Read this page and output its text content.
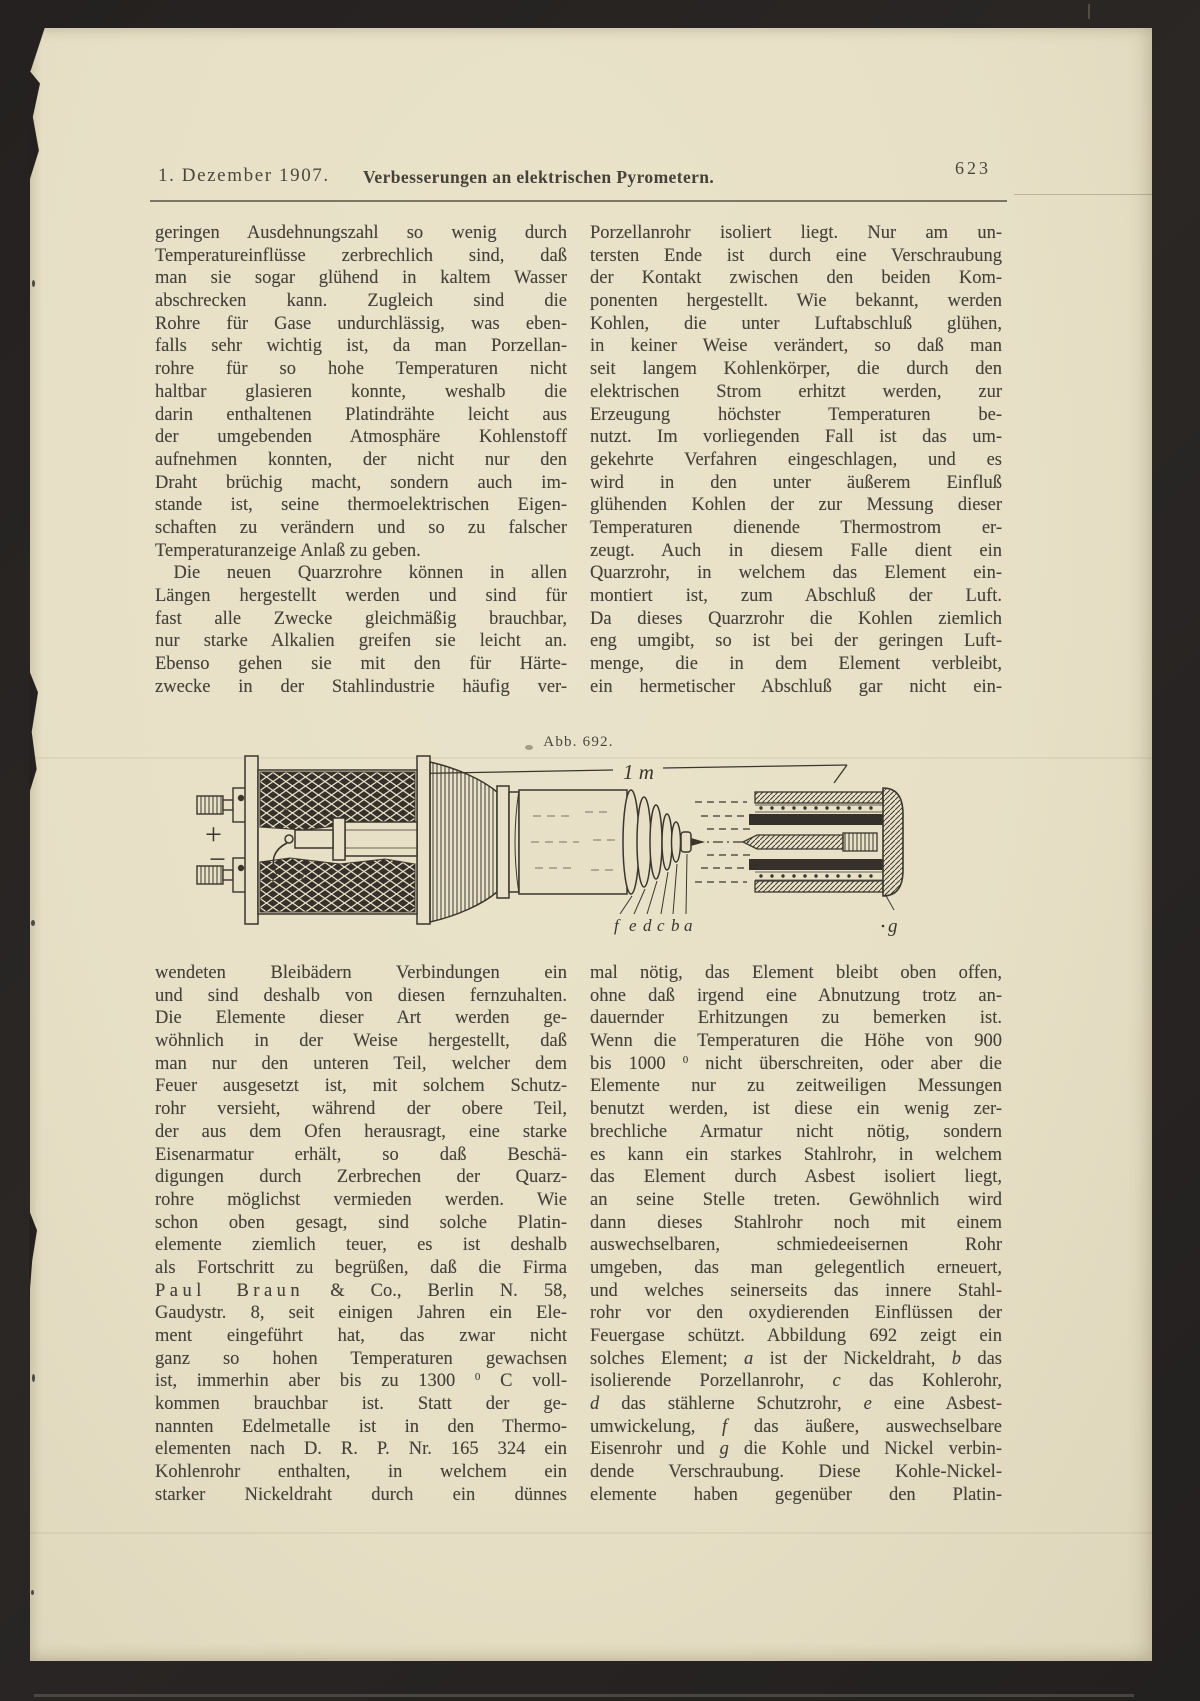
1. Dezember 1907. Verbesserungen an elektrischen Pyrometern.	623
geringen Ausdehnungszahl so wenig durch
Temperatureinflüsse zerbrechlich sind, daß
man sie sogar glühend in kaltem Wasser
abschrecken kann. Zugleich sind die
Rohre für Gase undurchlässig, was eben-
falls sehr wichtig ist, da man Porzellan-
rohre für so hohe Temperaturen nicht
haltbar glasieren konnte, weshalb die
darin enthaltenen Platindrähte leicht aus
der umgebenden Atmosphäre Kohlenstoff
aufnehmen konnten, der nicht nur den
Draht brüchig macht, sondern auch im-
stande ist, seine thermoelektrischen Eigen-
schaften zu verändern und so zu falscher
Temperaturanzeige Anlaß zu geben.
 Die neuen Quarzrohre können in allen
Längen hergestellt werden und sind für
fast alle Zwecke gleichmäßig brauchbar,
nur starke Alkalien greifen sie leicht an.
Ebenso gehen sie mit den für Härte-
zwecke in der Stahlindustrie häufig ver-
Porzellanrohr isoliert liegt. Nur am un-
tersten Ende ist durch eine Verschraubung
der Kontakt zwischen den beiden Kom-
ponenten hergestellt. Wie bekannt, werden
Kohlen, die unter Luftabschluß glühen,
in keiner Weise verändert, so daß man
seit langem Kohlenkörper, die durch den
elektrischen Strom erhitzt werden, zur
Erzeugung höchster Temperaturen be-
nutzt. Im vorliegenden Fall ist das um-
gekehrte Verfahren eingeschlagen, und es
wird in den unter äußerem Einfluß
glühenden Kohlen der zur Messung dieser
Temperaturen dienende Thermostrom er-
zeugt. Auch in diesem Falle dient ein
Quarzrohr, in welchem das Element ein-
montiert ist, zum Abschluß der Luft.
Da dieses Quarzrohr die Kohlen ziemlich
eng umgibt, so ist bei der geringen Luft-
menge, die in dem Element verbleibt,
ein hermetischer Abschluß gar nicht ein-
Abb. 692.
1 m
+
−
a
f c
f e d c b a	g
wendeten Bleibädern Verbindungen ein
und sind deshalb von diesen fernzuhalten.
Die Elemente dieser Art werden ge-
wöhnlich in der Weise hergestellt, daß
man nur den unteren Teil, welcher dem
Feuer ausgesetzt ist, mit solchem Schutz-
rohr versieht, während der obere Teil,
der aus dem Ofen herausragt, eine starke
Eisenarmatur erhält, so daß Beschä-
digungen durch Zerbrechen der Quarz-
rohre möglichst vermieden werden. Wie
schon oben gesagt, sind solche Platin-
elemente ziemlich teuer, es ist deshalb
als Fortschritt zu begrüßen, daß die Firma
Paul Braun & Co., Berlin N. 58,
Gaudystr. 8, seit einigen Jahren ein Ele-
ment eingeführt hat, das zwar nicht
ganz so hohen Temperaturen gewachsen
ist, immerhin aber bis zu 1300 $^0$ C voll-
kommen brauchbar ist. Statt der ge-
nannten Edelmetalle ist in den Thermo-
elementen nach D. R. P. Nr. 165 324 ein
Kohlenrohr enthalten, in welchem ein
starker Nickeldraht durch ein dünnes
mal nötig, das Element bleibt oben offen,
ohne daß irgend eine Abnutzung trotz an-
dauernder Erhitzungen zu bemerken ist.
Wenn die Temperaturen die Höhe von 900
bis 1000 $^0$ nicht überschreiten, oder aber die
Elemente nur zu zeitweiligen Messungen
benutzt werden, ist diese ein wenig zer-
brechliche Armatur nicht nötig, sondern
es kann ein starkes Stahlrohr, in welchem
das Element durch Asbest isoliert liegt,
an seine Stelle treten. Gewöhnlich wird
dann dieses Stahlrohr noch mit einem
auswechselbaren, schmiedeeisernen Rohr
umgeben, das man gelegentlich erneuert,
und welches seinerseits das innere Stahl-
rohr vor den oxydierenden Einflüssen der
Feuergase schützt. Abbildung 692 zeigt ein
solches Element; a ist der Nickeldraht, b das
isolierende Porzellanrohr, c das Kohlerohr,
d das stählerne Schutzrohr, e eine Asbest-
umwickelung, f das äußere, auswechselbare
Eisenrohr und g die Kohle und Nickel verbin-
dende Verschraubung. Diese Kohle-Nickel-
elemente haben gegenüber den Platin-
